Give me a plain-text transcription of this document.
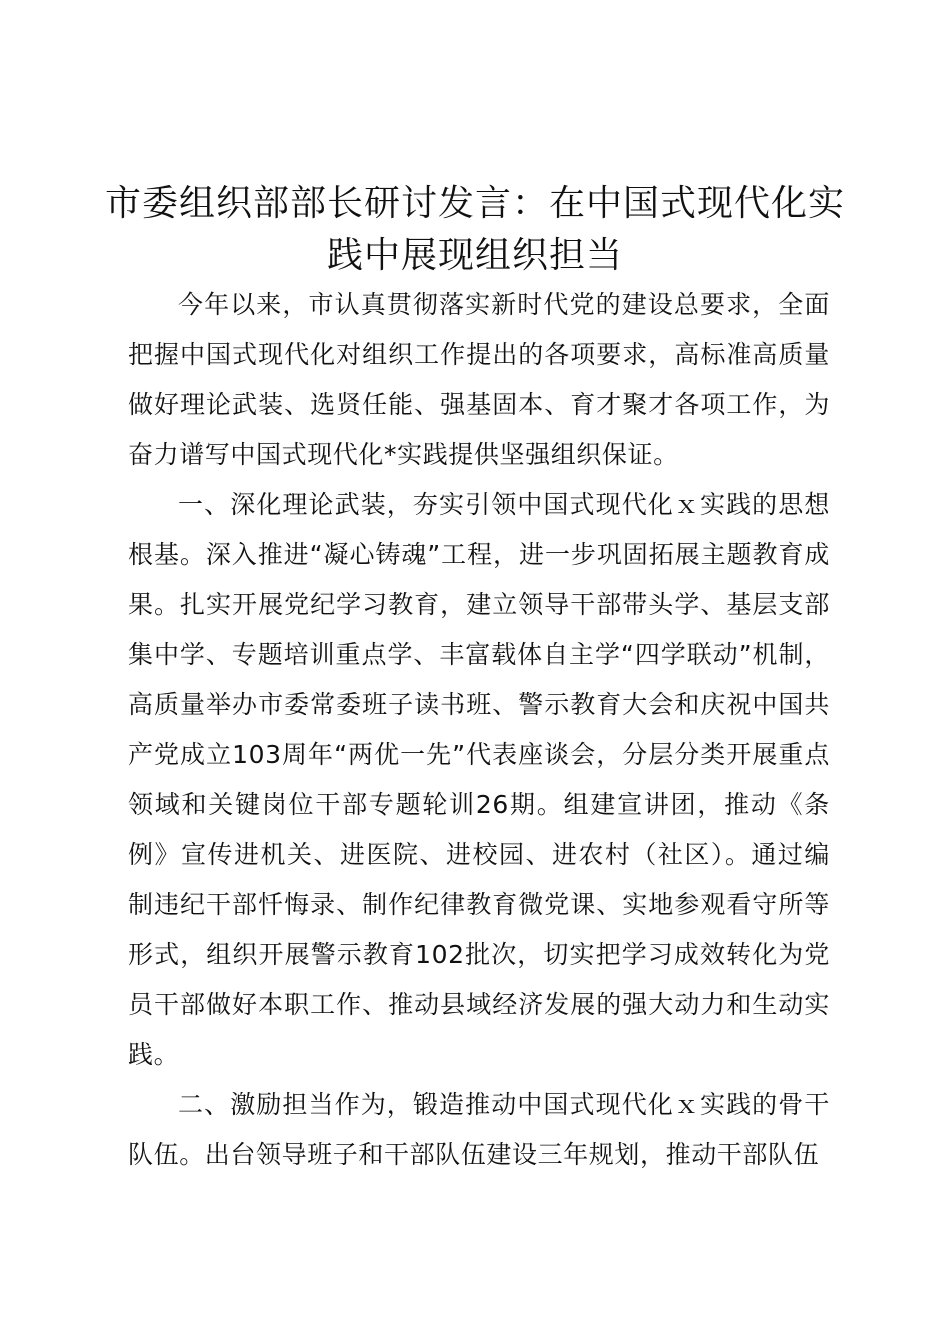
市委组织部部长研讨发言：在中国式现代化实践中展现组织担当

今年以来，市认真贯彻落实新时代党的建设总要求，全面把握中国式现代化对组织工作提出的各项要求，高标准高质量做好理论武装、选贤任能、强基固本、育才聚才各项工作，为奋力谱写中国式现代化*实践提供坚强组织保证。

一、深化理论武装，夯实引领中国式现代化ｘ实践的思想根基。深入推进“凝心铸魂”工程，进一步巩固拓展主题教育成果。扎实开展党纪学习教育，建立领导干部带头学、基层支部集中学、专题培训重点学、丰富载体自主学“四学联动”机制，高质量举办市委常委班子读书班、警示教育大会和庆祝中国共产党成立103周年“两优一先”代表座谈会，分层分类开展重点领域和关键岗位干部专题轮训26期。组建宣讲团，推动《条例》宣传进机关、进医院、进校园、进农村（社区）。通过编制违纪干部忏悔录、制作纪律教育微党课、实地参观看守所等形式，组织开展警示教育102批次，切实把学习成效转化为党员干部做好本职工作、推动县域经济发展的强大动力和生动实践。

二、激励担当作为，锻造推动中国式现代化ｘ实践的骨干队伍。出台领导班子和干部队伍建设三年规划，推动干部队伍
